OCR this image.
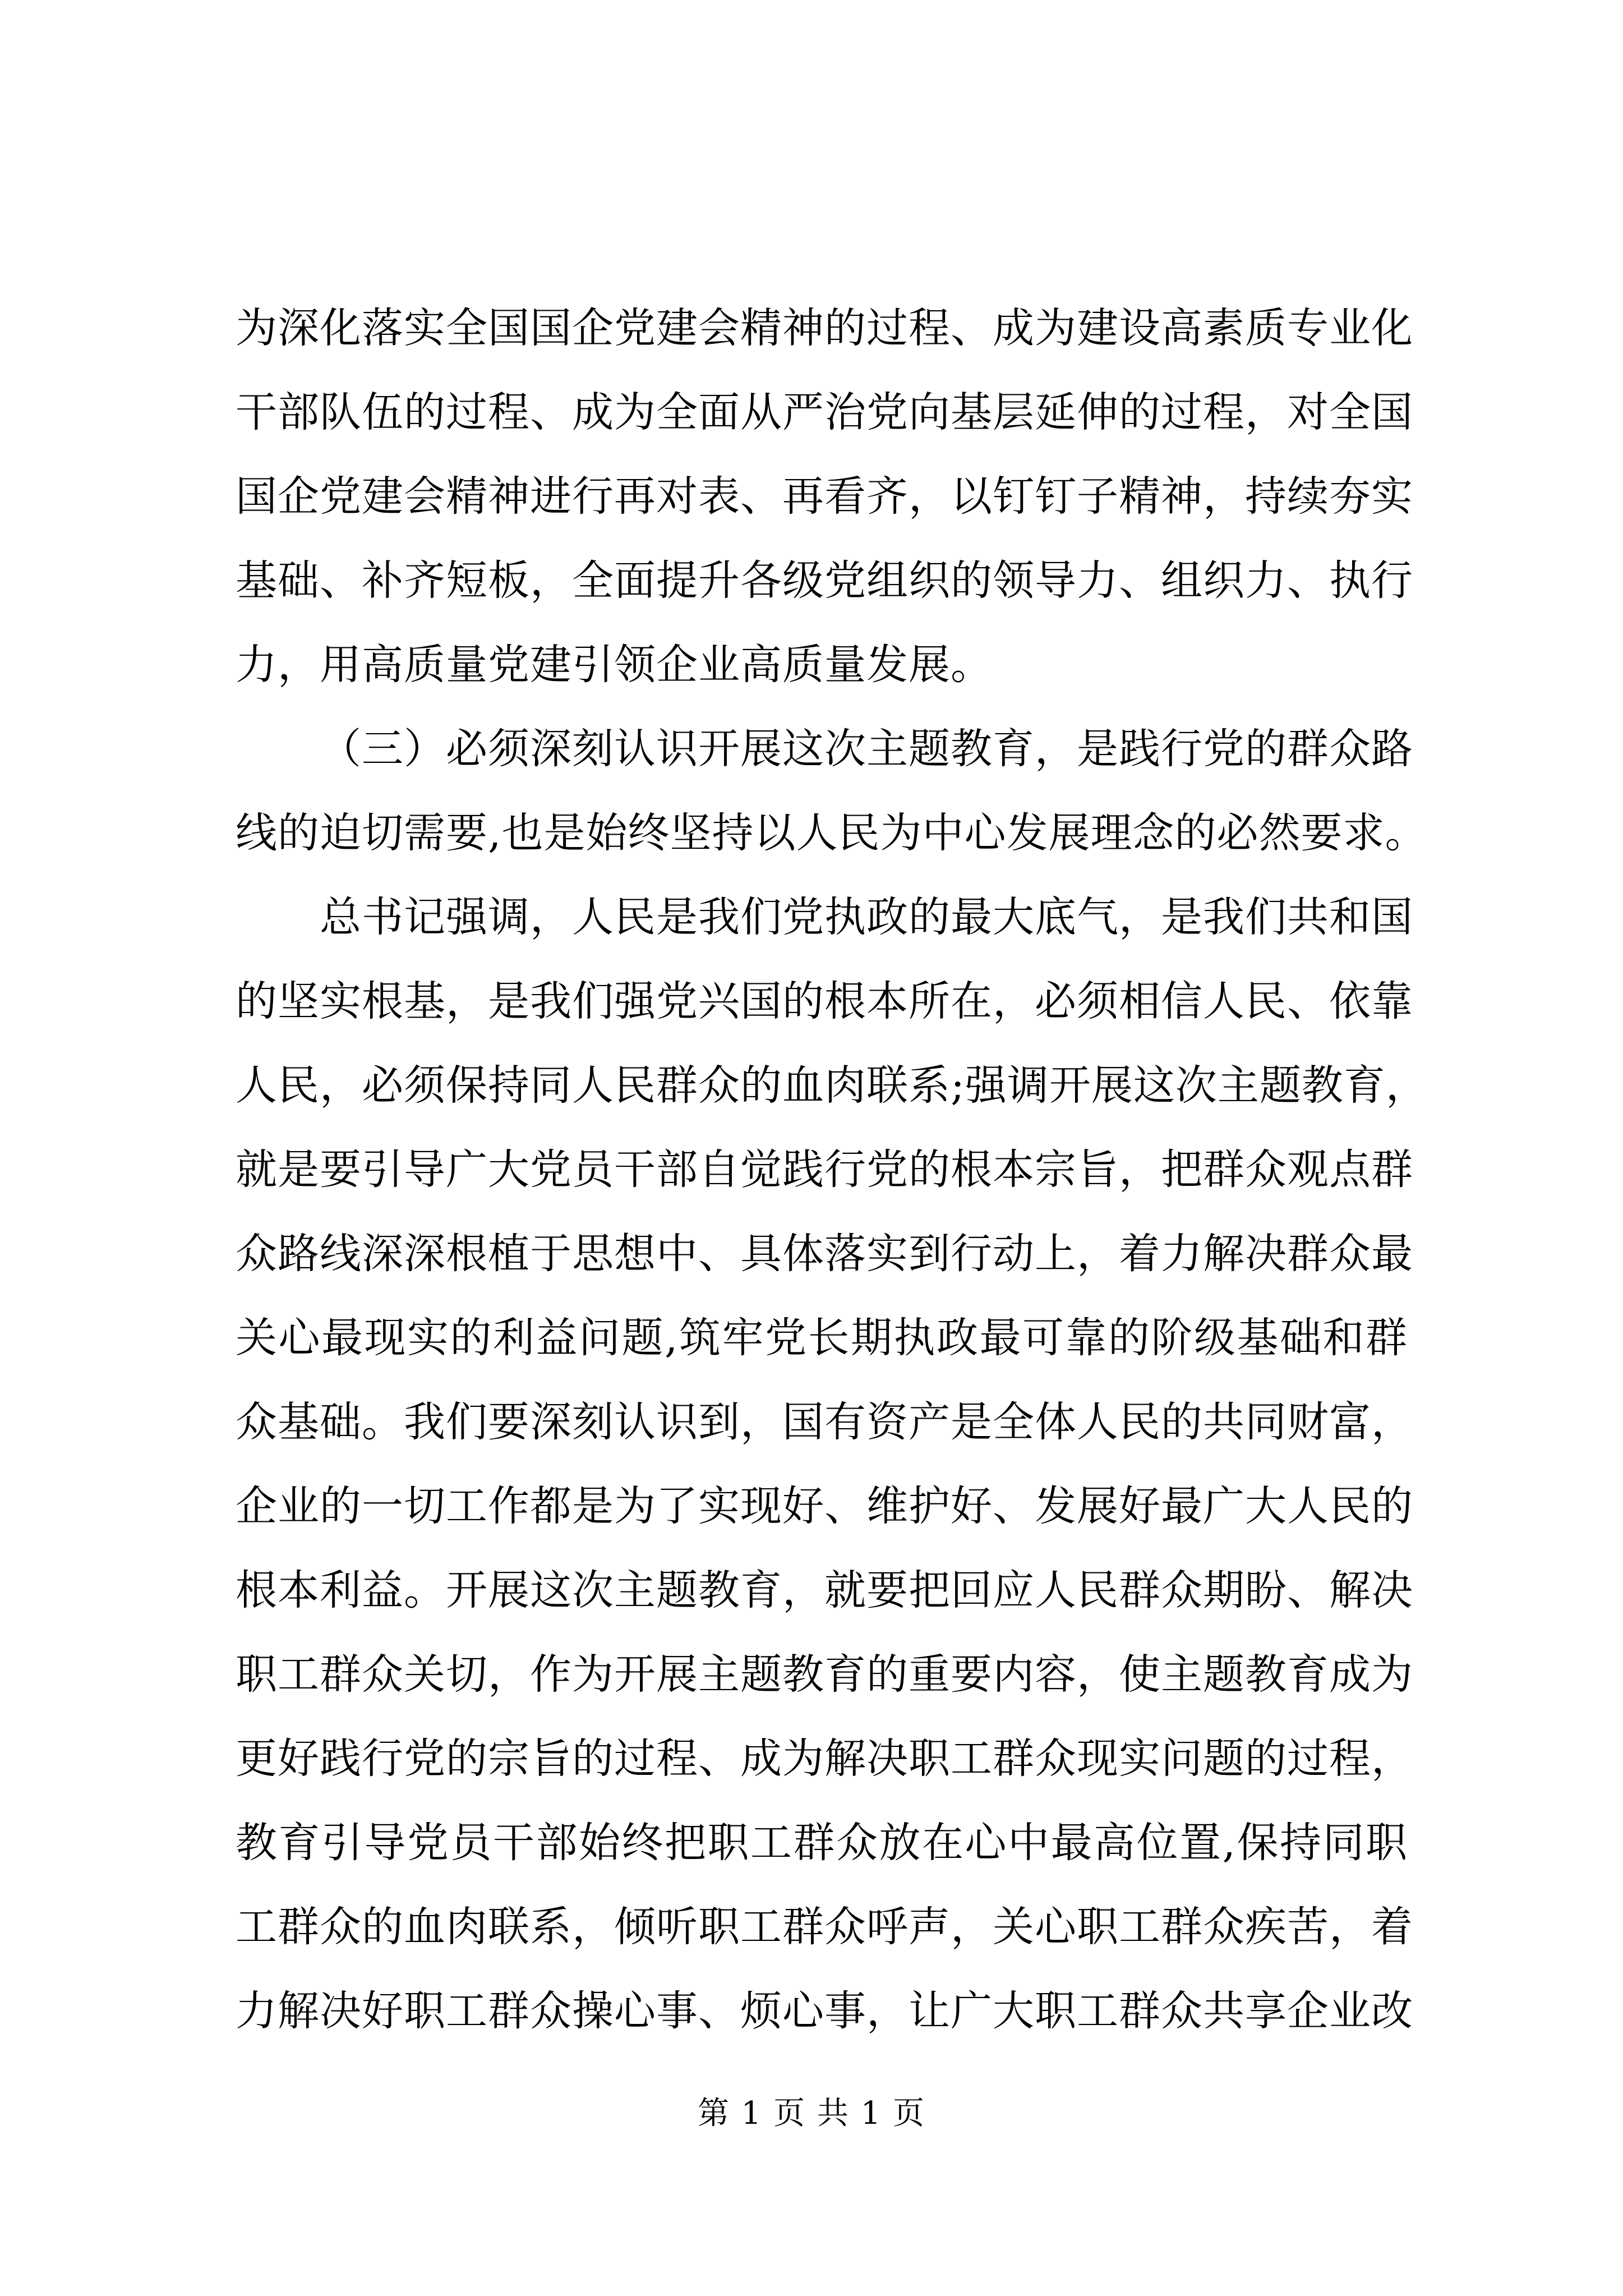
为深化落实全国国企党建会精神的过程、成为建设高素质专业化
干部队伍的过程、成为全面从严治党向基层延伸的过程，对全国
国企党建会精神进行再对表、再看齐，以钉钉子精神，持续夯实
基础、补齐短板，全面提升各级党组织的领导力、组织力、执行
力，用高质量党建引领企业高质量发展。
（三）必须深刻认识开展这次主题教育，是践行党的群众路
线的迫切需要,也是始终坚持以人民为中心发展理念的必然要求。
总书记强调，人民是我们党执政的最大底气，是我们共和国
的坚实根基，是我们强党兴国的根本所在，必须相信人民、依靠
人民，必须保持同人民群众的血肉联系;强调开展这次主题教育，
就是要引导广大党员干部自觉践行党的根本宗旨，把群众观点群
众路线深深根植于思想中、具体落实到行动上，着力解决群众最
关心最现实的利益问题,筑牢党长期执政最可靠的阶级基础和群
众基础。我们要深刻认识到，国有资产是全体人民的共同财富，
企业的一切工作都是为了实现好、维护好、发展好最广大人民的
根本利益。开展这次主题教育，就要把回应人民群众期盼、解决
职工群众关切，作为开展主题教育的重要内容，使主题教育成为
更好践行党的宗旨的过程、成为解决职工群众现实问题的过程，
教育引导党员干部始终把职工群众放在心中最高位置,保持同职
工群众的血肉联系，倾听职工群众呼声，关心职工群众疾苦，着
力解决好职工群众操心事、烦心事，让广大职工群众共享企业改
第 1 页 共 1 页
